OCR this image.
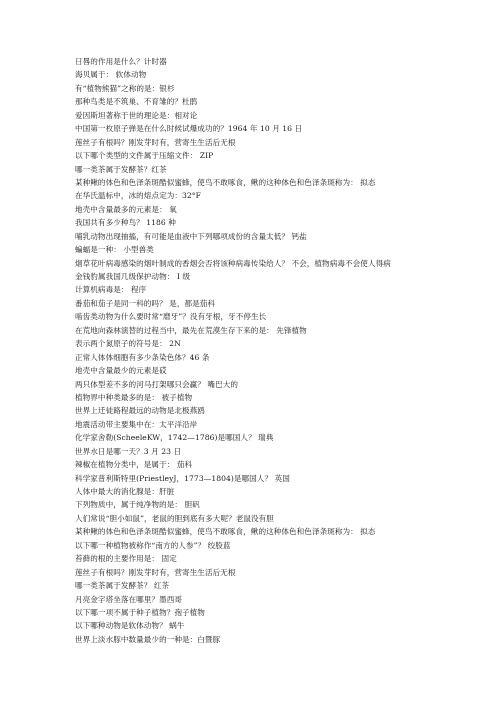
日晷的作用是什么？计时器
海贝属于： 软体动物
有“植物熊猫”之称的是：银杉
那种鸟类是不筑巢、不育雏的？杜鹃
爱因斯坦著称于世的理论是：相对论
中国第一枚原子弹是在什么时候试爆成功的？1964 年 10 月 16 日
莲丝子有根吗？刚发芽时有，营寄生生活后无根
以下哪个类型的文件属于压缩文件： ZIP
哪一类茶属于发酵茶？红茶
某种鳅的体色和色泽条斑酷似蜜蜂，使鸟不敢啄食，鳅的这种体色和色泽条斑称为： 拟态
在华氏温标中，冰的熔点定为：32°F
地壳中含量最多的元素是： 氧
我国共有多少种鸟？ 1186 种
哺乳动物出现抽搐，有可能是血液中下列哪项成份的含量太低？ 钙盐
蝙蝠是一种： 小型兽类
烟草花叶病毒感染的烟叶制成的香烟会否将该种病毒传染给人？ 不会，植物病毒不会使人得病
金钱豹属我国几级保护动物： I 级
计算机病毒是： 程序
番茄和茄子是同一科的吗？ 是，都是茄科
啮齿类动物为什么要时常“磨牙”？没有牙根，牙不停生长
在荒地向森林演替的过程当中，最先在荒漠生存下来的是： 先锋植物
表示两个氮原子的符号是： 2N
正常人体体细胞有多少条染色体？46 条
地壳中含量最少的元素是砹
两只体型差不多的河马打架哪只会赢？ 嘴巴大的
植物界中种类最多的是： 被子植物
世界上迁徒路程最远的动物是北极燕鸥
地震活动带主要集中在：太平洋沿岸
化学家舍勒(ScheeleKW，1742—1786)是哪国人？ 瑞典
世界水日是哪一天？3 月 23 日
辣椒在植物分类中，是属于： 茄科
科学家普利斯特里(PriestleyJ，1773—1804)是哪国人？ 英国
人体中最大的消化腺是：肝脏
下列物质中，属于纯净物的是： 胆矾
人们常说“胆小如鼠”，老鼠的胆到底有多大呢？老鼠没有胆
某种鳅的体色和色泽条斑酷似蜜蜂，使鸟不敢啄食，鳅的这种体色和色泽条斑称为： 拟态
以下哪一种植物被称作“南方的人参”？ 绞股蓝
苔藓的根的主要作用是： 固定
莲丝子有根吗？刚发芽时有，营寄生生活后无根
哪一类茶属于发酵茶？ 红茶
月亮金字塔坐落在哪里？墨西哥
以下哪一项不属于种子植物？孢子植物
以下哪种动物是软体动物？ 蜗牛
世界上淡水豚中数量最少的一种是：白暨豚
